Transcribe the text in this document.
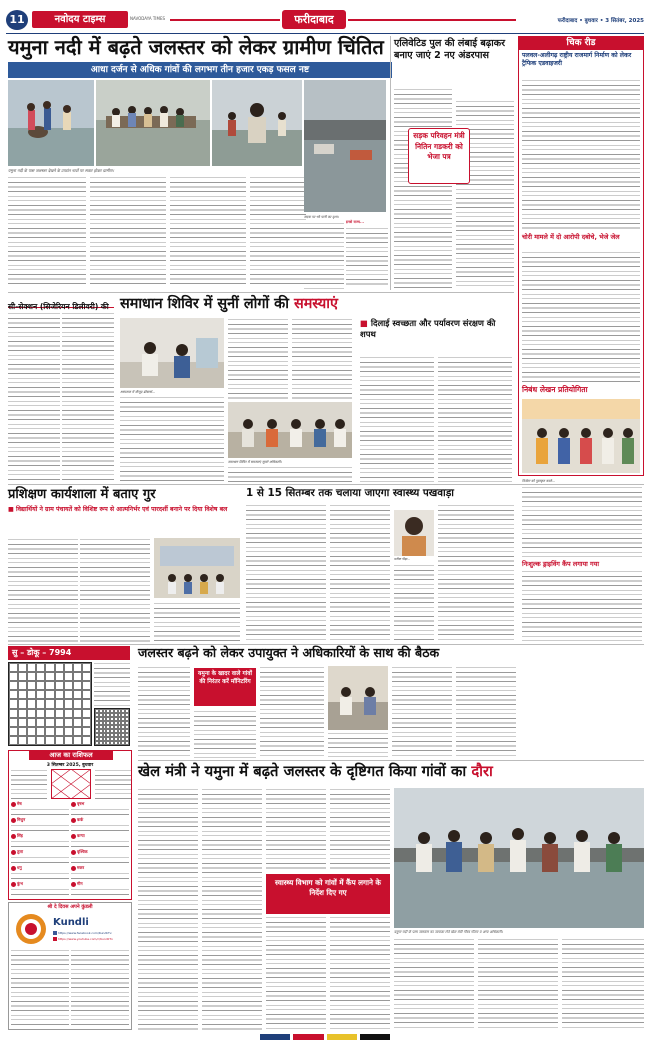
11	नवोदय टाइम्स	NAVODAYA TIMES	फरीदाबाद	फरीदाबाद • बुधवार • 3 सितंबर, 2025
यमुना नदी में बढ़ते जलस्तर को लेकर ग्रामीण चिंतित
आधा दर्जन से अधिक गांवों की लगभग तीन हजार एकड़ फसल नष्ट
यमुना नदी के पास जलस्तर देखने के उपरांत नावों पर सवार होकर ग्रामीण।
सदक पर भरे पानी का दृश्य।
इनसे राज्य...
एलिवेटिड पुल की लंबाई बढ़ाकर बनाए जाएं 2 नए अंडरपास
सड़क परिवहन मंत्री नितिन गडकरी को भेजा पत्र
चिक रीड
पलवल-अलीगढ़ राष्ट्रीय राजमार्ग निर्माण को लेकर ट्रैफिक एडवाइजरी
चोरी मामले में दो आरोपी दबोचे, भेजे जेल
निबंध लेखन प्रतियोगिता
सी-सेक्शन (सिजेरियन डिलीवरी) की समाधान शिविर में सुनीं लोगों की समस्याएं
अस्पताल में मौजूद डॉक्टर्स...
समाधान शिविर में समस्याएं सुनते अधिकारी।
■ दिलाई स्वच्छता और पर्यावरण संरक्षण की शपथ
प्रशिक्षण कार्यशाला में बताए गुर
■ विद्यार्थियों ने ग्राम पंचायतें को विशिष्ट रूप से आत्मनिर्भर एवं पारदर्शी बनाने पर दिया विशेष बल
1 से 15 सितम्बर तक चलाया जाएगा स्वास्थ्य पखवाड़ा
प्रतीक पीड़ा…
विजेता को पुरस्कृत करते…
निःशुल्क ड्राइविंग कैंप लगाया गया
सु – डोकू – 7994	जलस्तर बढ़ने को लेकर उपायुक्त ने अधिकारियों के साथ की बैठक
यमुना के खादर वाले गांवों की निरंतर करें मॉनिटरिंग
आज का राशिफल
3 सितम्बर 2025, बुधवार
मेष	वृषभ
मिथुन	कर्क
सिंह	कन्या
तुला	वृश्चिक
धनु	मकर
कुंभ	मीन
श्री दे दिवस अपने कुंडली
Kundli
https://www.facebook.com/KundliTv
https://www.youtube.com/c/KundliTv
खेल मंत्री ने यमुना में बढ़ते जलस्तर के दृष्टिगत किया गांवों का दौरा
स्वास्थ्य विभाग को गांवों में कैंप लगाने के निर्देश दिए गए
यमुना नदी के पास जलस्तर का जायजा लेते खेल मंत्री गौरव गौतम व अन्य अधिकारी।
